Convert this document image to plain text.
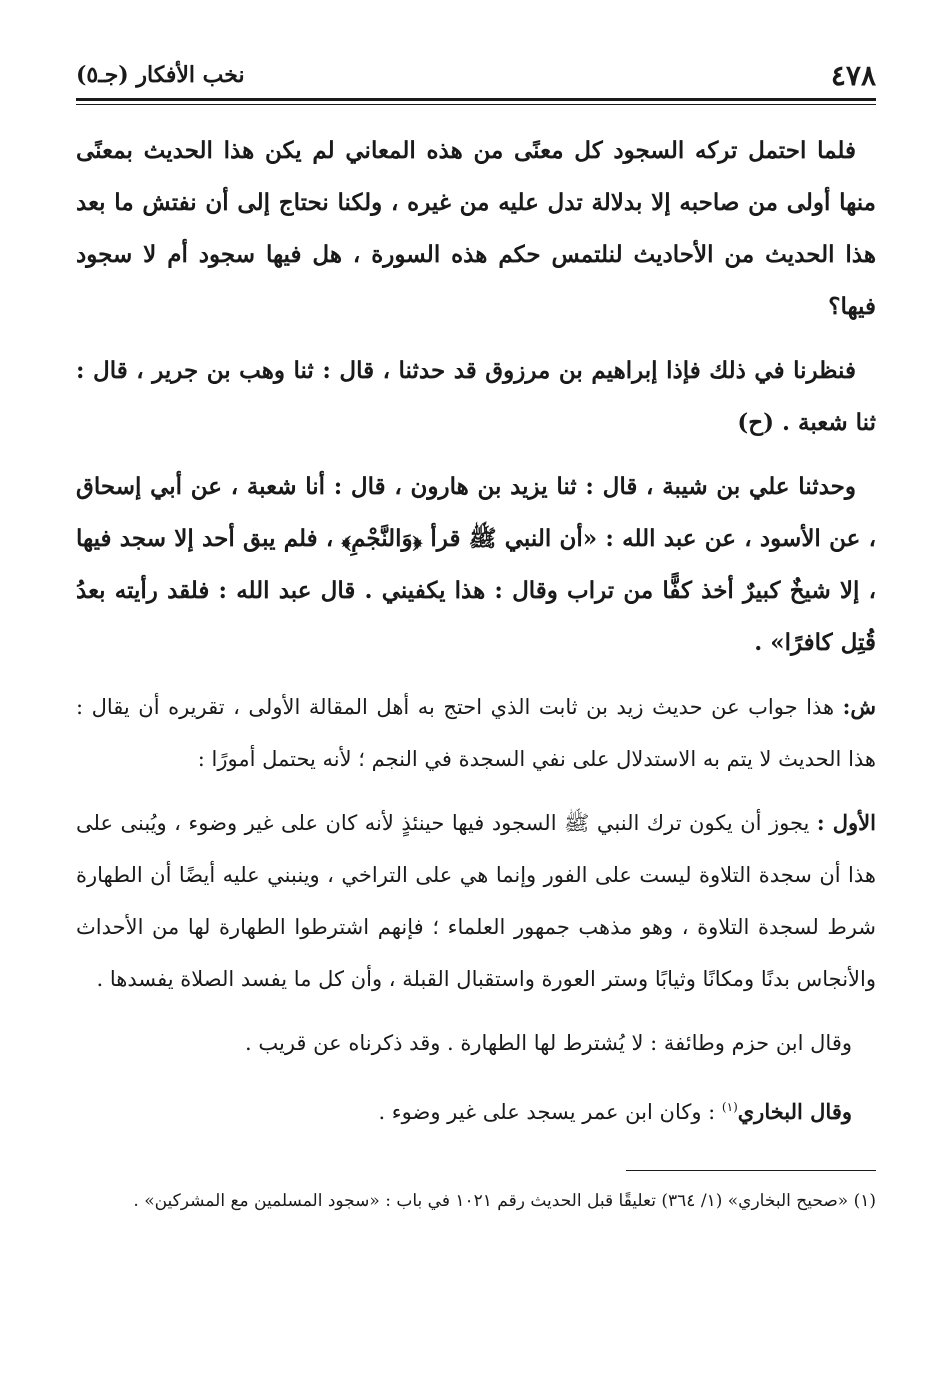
٤٧٨
نخب الأفكار (جـ٥)

فلما احتمل تركه السجود كل معنًى من هذه المعاني لم يكن هذا الحديث بمعنًى منها أولى من صاحبه إلا بدلالة تدل عليه من غيره ، ولكنا نحتاج إلى أن نفتش ما بعد هذا الحديث من الأحاديث لنلتمس حكم هذه السورة ، هل فيها سجود أم لا سجود فيها؟

فنظرنا في ذلك فإذا إبراهيم بن مرزوق قد حدثنا ، قال : ثنا وهب بن جرير ، قال : ثنا شعبة . (ح)

وحدثنا علي بن شيبة ، قال : ثنا يزيد بن هارون ، قال : أنا شعبة ، عن أبي إسحاق ، عن الأسود ، عن عبد الله : «أن النبي ﷺ قرأ ﴿وَالنَّجْمِ﴾ ، فلم يبق أحد إلا سجد فيها ، إلا شيخٌ كبيرٌ أخذ كفًّا من تراب وقال : هذا يكفيني . قال عبد الله : فلقد رأيته بعدُ قُتِل كافرًا» .

ش: هذا جواب عن حديث زيد بن ثابت الذي احتج به أهل المقالة الأولى ، تقريره أن يقال : هذا الحديث لا يتم به الاستدلال على نفي السجدة في النجم ؛ لأنه يحتمل أمورًا :

الأول : يجوز أن يكون ترك النبي ﷺ السجود فيها حينئذٍ لأنه كان على غير وضوء ، ويُبنى على هذا أن سجدة التلاوة ليست على الفور وإنما هي على التراخي ، وينبني عليه أيضًا أن الطهارة شرط لسجدة التلاوة ، وهو مذهب جمهور العلماء ؛ فإنهم اشترطوا الطهارة لها من الأحداث والأنجاس بدنًا ومكانًا وثيابًا وستر العورة واستقبال القبلة ، وأن كل ما يفسد الصلاة يفسدها .

وقال ابن حزم وطائفة : لا يُشترط لها الطهارة . وقد ذكرناه عن قريب .

وقال البخاري$^{(١)}$ : وكان ابن عمر يسجد على غير وضوء .

(١) «صحيح البخاري» (١/ ٣٦٤) تعليقًا قبل الحديث رقم ١٠٢١ في باب : «سجود المسلمين مع المشركين» .
